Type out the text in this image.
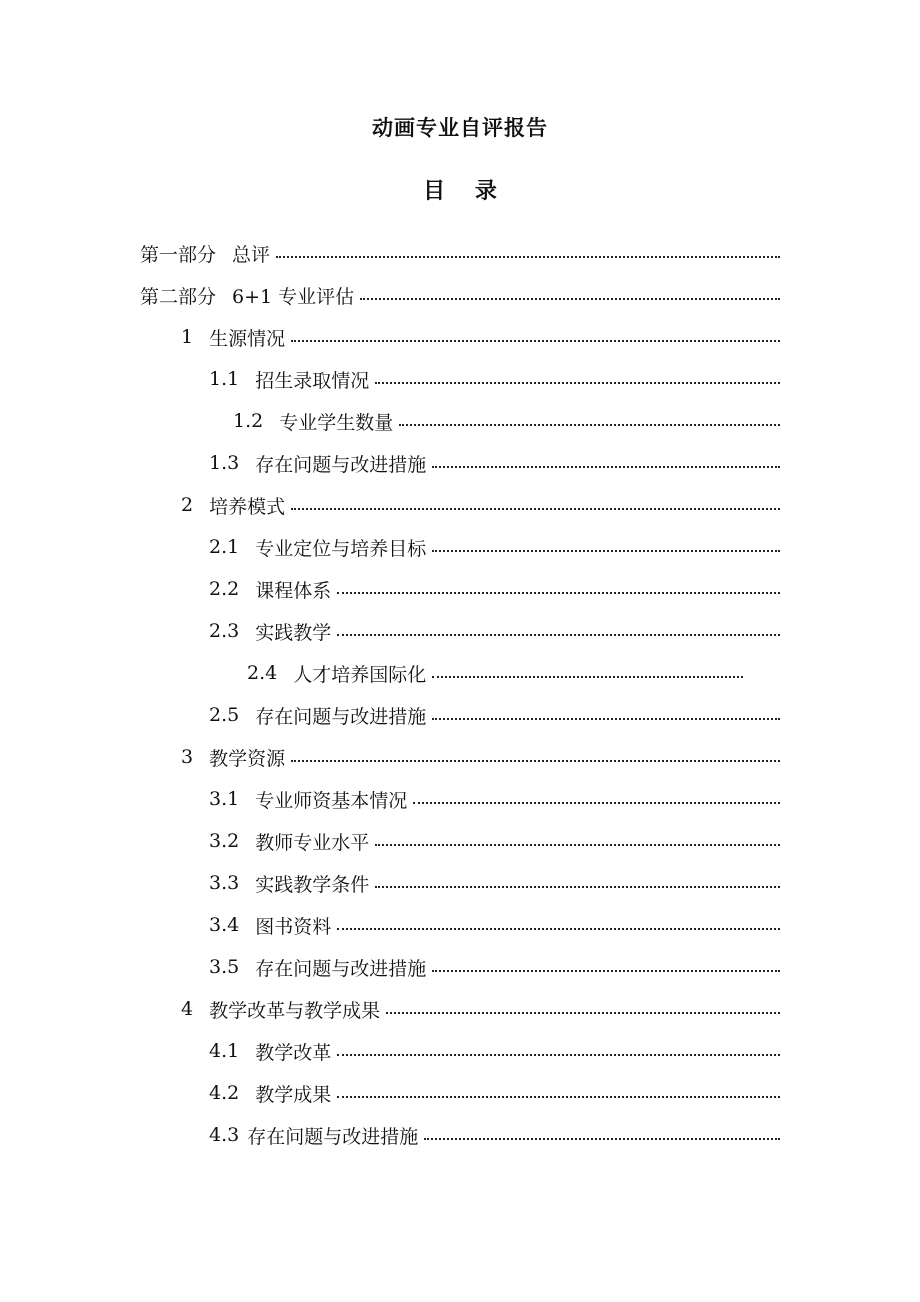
动画专业自评报告
目 录
第一部分 总评
第二部分 6+1 专业评估
1 生源情况
1.1 招生录取情况
1.2 专业学生数量
1.3 存在问题与改进措施
2 培养模式
2.1 专业定位与培养目标
2.2 课程体系
2.3 实践教学
2.4 人才培养国际化
2.5 存在问题与改进措施
3 教学资源
3.1 专业师资基本情况
3.2 教师专业水平
3.3 实践教学条件
3.4 图书资料
3.5 存在问题与改进措施
4 教学改革与教学成果
4.1 教学改革
4.2 教学成果
4.3 存在问题与改进措施
